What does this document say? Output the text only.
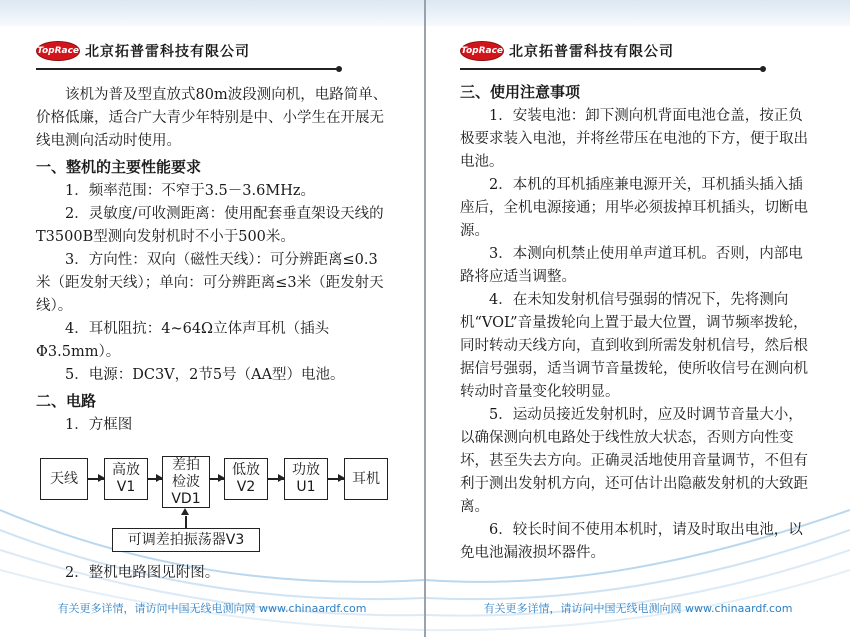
TopRace 北京拓普雷科技有限公司

该机为普及型直放式80m波段测向机，电路简单、价格低廉，适合广大青少年特别是中、小学生在开展无线电测向活动时使用。

一、整机的主要性能要求

1．频率范围：不窄于3.5－3.6MHz。

2．灵敏度/可收测距离：使用配套垂直架设天线的T3500B型测向发射机时不小于500米。

3．方向性：双向（磁性天线）：可分辨距离≤0.3米（距发射天线）；单向：可分辨距离≤3米（距发射天线）。

4．耳机阻抗：4~64Ω立体声耳机（插头Φ3.5mm）。

5．电源：DC3V，2节5号（AA型）电池。

二、电路

1．方框图

天线
高放
V1
差拍
检波
VD1
低放
V2
功放
U1
耳机
可调差拍振荡器V3

2．整机电路图见附图。

有关更多详情，请访问中国无线电测向网 www.chinaardf.com
TopRace 北京拓普雷科技有限公司

三、使用注意事项

1．安装电池：卸下测向机背面电池仓盖，按正负极要求装入电池，并将丝带压在电池的下方，便于取出电池。

2．本机的耳机插座兼电源开关，耳机插头插入插座后，全机电源接通；用毕必须拔掉耳机插头，切断电源。

3．本测向机禁止使用单声道耳机。否则，内部电路将应适当调整。

4．在未知发射机信号强弱的情况下，先将测向机“VOL”音量拨轮向上置于最大位置，调节频率拨轮，同时转动天线方向，直到收到所需发射机信号，然后根据信号强弱，适当调节音量拨轮，使所收信号在测向机转动时音量变化较明显。

5．运动员接近发射机时，应及时调节音量大小，以确保测向机电路处于线性放大状态，否则方向性变坏，甚至失去方向。正确灵活地使用音量调节，不但有利于测出发射机方向，还可估计出隐蔽发射机的大致距离。

6．较长时间不使用本机时，请及时取出电池，以免电池漏液损坏器件。

有关更多详情，请访问中国无线电测向网 www.chinaardf.com
